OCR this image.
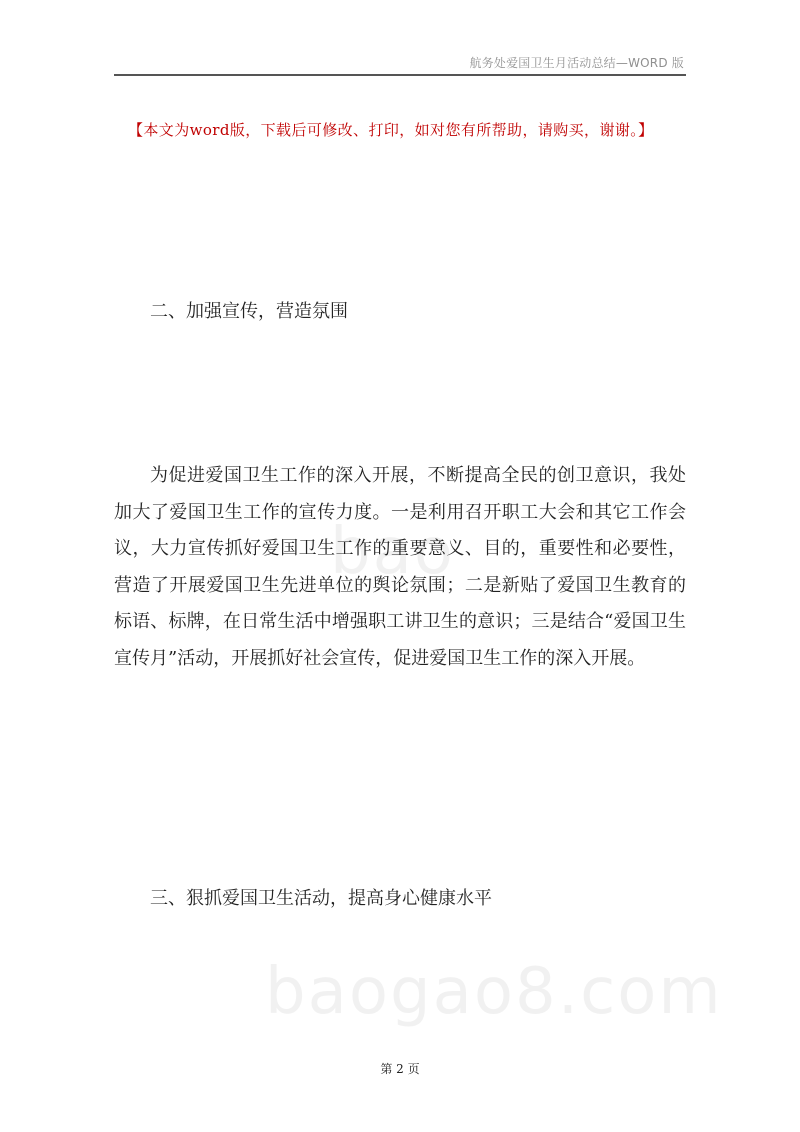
航务处爱国卫生月活动总结—WORD 版
【本文为word版，下载后可修改、打印，如对您有所帮助，请购买，谢谢。】
二、加强宣传，营造氛围
为促进爱国卫生工作的深入开展，不断提高全民的创卫意识，我处加大了爱国卫生工作的宣传力度。一是利用召开职工大会和其它工作会议，大力宣传抓好爱国卫生工作的重要意义、目的，重要性和必要性，营造了开展爱国卫生先进单位的舆论氛围；二是新贴了爱国卫生教育的标语、标牌，在日常生活中增强职工讲卫生的意识；三是结合“爱国卫生宣传月”活动，开展抓好社会宣传，促进爱国卫生工作的深入开展。
三、狠抓爱国卫生活动，提高身心健康水平
bao
baogao8.com
第 2 页
